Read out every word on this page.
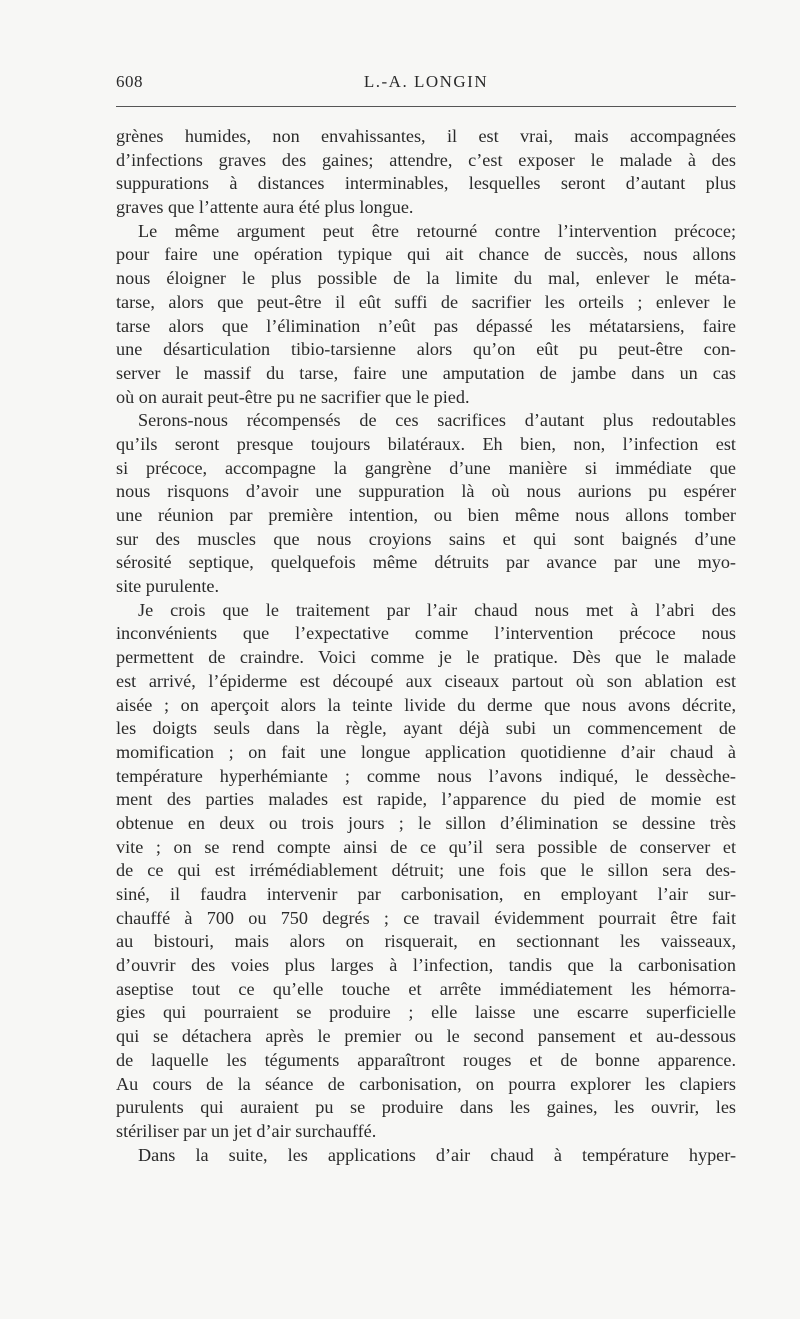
608	L.-A. LONGIN
grènes humides, non envahissantes, il est vrai, mais accompagnées
d’infections graves des gaines; attendre, c’est exposer le malade à des
suppurations à distances interminables, lesquelles seront d’autant plus
graves que l’attente aura été plus longue.
Le même argument peut être retourné contre l’intervention précoce;
pour faire une opération typique qui ait chance de succès, nous allons
nous éloigner le plus possible de la limite du mal, enlever le méta-
tarse, alors que peut-être il eût suffi de sacrifier les orteils ; enlever le
tarse alors que l’élimination n’eût pas dépassé les métatarsiens, faire
une désarticulation tibio-tarsienne alors qu’on eût pu peut-être con-
server le massif du tarse, faire une amputation de jambe dans un cas
où on aurait peut-être pu ne sacrifier que le pied.
Serons-nous récompensés de ces sacrifices d’autant plus redoutables
qu’ils seront presque toujours bilatéraux. Eh bien, non, l’infection est
si précoce, accompagne la gangrène d’une manière si immédiate que
nous risquons d’avoir une suppuration là où nous aurions pu espérer
une réunion par première intention, ou bien même nous allons tomber
sur des muscles que nous croyions sains et qui sont baignés d’une
sérosité septique, quelquefois même détruits par avance par une myo-
site purulente.
Je crois que le traitement par l’air chaud nous met à l’abri des
inconvénients que l’expectative comme l’intervention précoce nous
permettent de craindre. Voici comme je le pratique. Dès que le malade
est arrivé, l’épiderme est découpé aux ciseaux partout où son ablation est
aisée ; on aperçoit alors la teinte livide du derme que nous avons décrite,
les doigts seuls dans la règle, ayant déjà subi un commencement de
momification ; on fait une longue application quotidienne d’air chaud à
température hyperhémiante ; comme nous l’avons indiqué, le dessèche-
ment des parties malades est rapide, l’apparence du pied de momie est
obtenue en deux ou trois jours ; le sillon d’élimination se dessine très
vite ; on se rend compte ainsi de ce qu’il sera possible de conserver et
de ce qui est irrémédiablement détruit; une fois que le sillon sera des-
siné, il faudra intervenir par carbonisation, en employant l’air sur-
chauffé à 700 ou 750 degrés ; ce travail évidemment pourrait être fait
au bistouri, mais alors on risquerait, en sectionnant les vaisseaux,
d’ouvrir des voies plus larges à l’infection, tandis que la carbonisation
aseptise tout ce qu’elle touche et arrête immédiatement les hémorra-
gies qui pourraient se produire ; elle laisse une escarre superficielle
qui se détachera après le premier ou le second pansement et au-dessous
de laquelle les téguments apparaîtront rouges et de bonne apparence.
Au cours de la séance de carbonisation, on pourra explorer les clapiers
purulents qui auraient pu se produire dans les gaines, les ouvrir, les
stériliser par un jet d’air surchauffé.
Dans la suite, les applications d’air chaud à température hyper-
